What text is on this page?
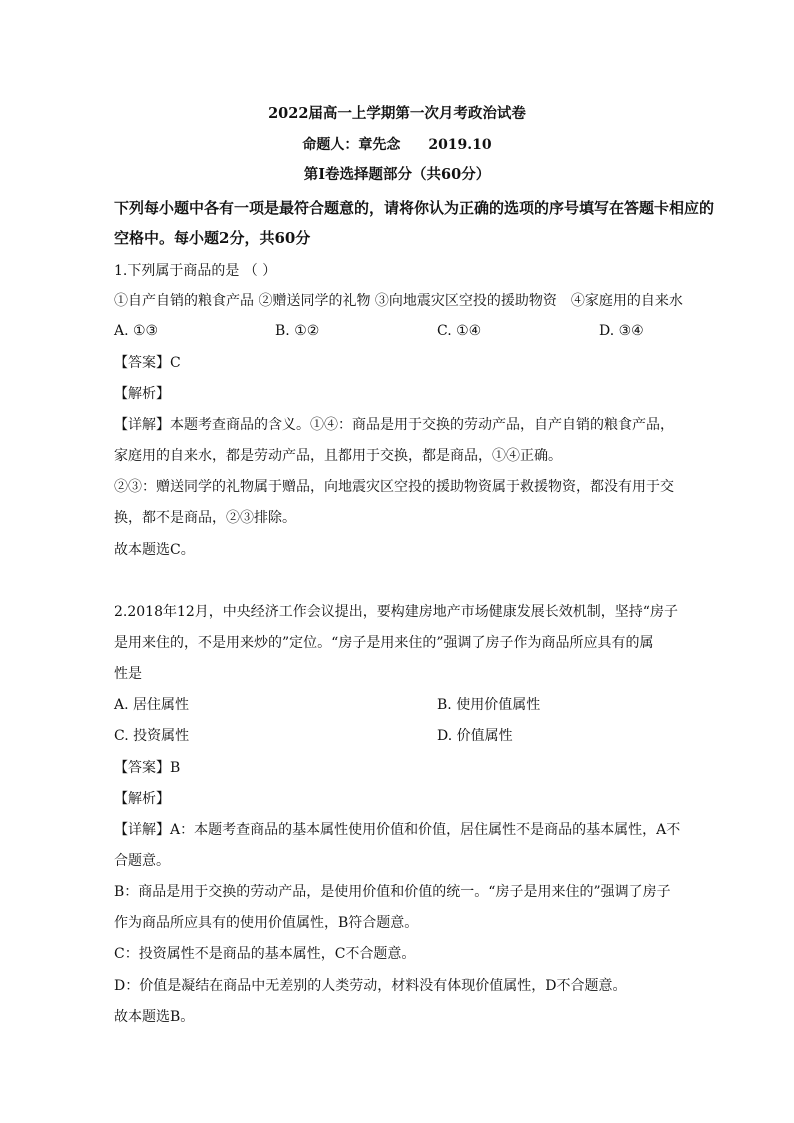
2022届高一上学期第一次月考政治试卷
命题人：章先念　　2019.10
第Ⅰ卷选择题部分（共60分）
下列每小题中各有一项是最符合题意的，请将你认为正确的选项的序号填写在答题卡相应的
空格中。每小题2分，共60分
1.下列属于商品的是 （ ）
①自产自销的粮食产品 ②赠送同学的礼物 ③向地震灾区空投的援助物资　④家庭用的自来水
A. ①③	B. ①②	C. ①④	D. ③④
【答案】C
【解析】
【详解】本题考查商品的含义。①④：商品是用于交换的劳动产品，自产自销的粮食产品，
家庭用的自来水，都是劳动产品，且都用于交换，都是商品，①④正确。
②③：赠送同学的礼物属于赠品，向地震灾区空投的援助物资属于救援物资，都没有用于交
换，都不是商品，②③排除。
故本题选C。
2.2018年12月，中央经济工作会议提出，要构建房地产市场健康发展长效机制，坚持“房子
是用来住的，不是用来炒的”定位。“房子是用来住的”强调了房子作为商品所应具有的属
性是
A. 居住属性	B. 使用价值属性
C. 投资属性	D. 价值属性
【答案】B
【解析】
【详解】A：本题考查商品的基本属性使用价值和价值，居住属性不是商品的基本属性，A不
合题意。
B：商品是用于交换的劳动产品，是使用价值和价值的统一。“房子是用来住的”强调了房子
作为商品所应具有的使用价值属性，B符合题意。
C：投资属性不是商品的基本属性，C不合题意。
D：价值是凝结在商品中无差别的人类劳动，材料没有体现价值属性，D不合题意。
故本题选B。
